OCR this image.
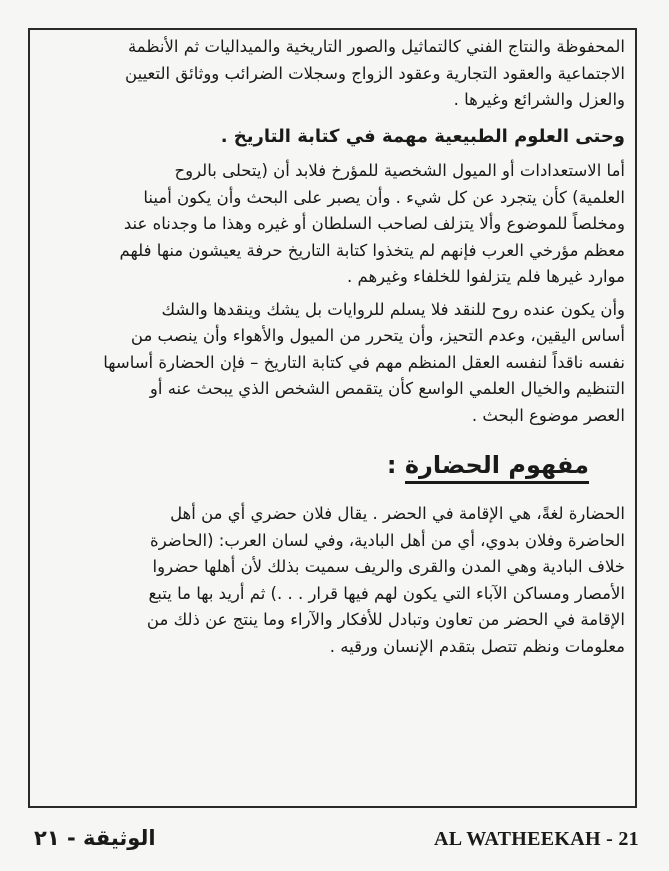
المحفوظة والنتاج الفني كالتماثيل والصور التاريخية والميداليات ثم الأنظمة
الاجتماعية والعقود التجارية وعقود الزواج وسجلات الضرائب ووثائق التعيين
والعزل والشرائع وغيرها .

وحتى العلوم الطبيعية مهمة في كتابة التاريخ .

أما الاستعدادات أو الميول الشخصية للمؤرخ فلابد أن (يتحلى بالروح
العلمية) كأن يتجرد عن كل شيء . وأن يصبر على البحث وأن يكون أمينا
ومخلصاً للموضوع وألا يتزلف لصاحب السلطان أو غيره وهذا ما وجدناه عند
معظم مؤرخي العرب فإنهم لم يتخذوا كتابة التاريخ حرفة يعيشون منها فلهم
موارد غيرها فلم يتزلفوا للخلفاء وغيرهم .

وأن يكون عنده روح للنقد فلا يسلم للروايات بل يشك وينقدها والشك
أساس اليقين، وعدم التحيز، وأن يتحرر من الميول والأهواء وأن ينصب من
نفسه ناقداً لنفسه العقل المنظم مهم في كتابة التاريخ – فإن الحضارة أساسها
التنظيم والخيال العلمي الواسع كأن يتقمص الشخص الذي يبحث عنه أو
العصر موضوع البحث .

مفهوم الحضارة :

الحضارة لغةً، هي الإقامة في الحضر . يقال فلان حضري أي من أهل
الحاضرة وفلان بدوي، أي من أهل البادية، وفي لسان العرب: (الحاضرة
خلاف البادية وهي المدن والقرى والريف سميت بذلك لأن أهلها حضروا
الأمصار ومساكن الآباء التي يكون لهم فيها قرار . . .) ثم أريد بها ما يتبع
الإقامة في الحضر من تعاون وتبادل للأفكار والآراء وما ينتج عن ذلك من
معلومات ونظم تتصل بتقدم الإنسان ورقيه .

الوثيقة - ٢١	AL WATHEEKAH - 21
